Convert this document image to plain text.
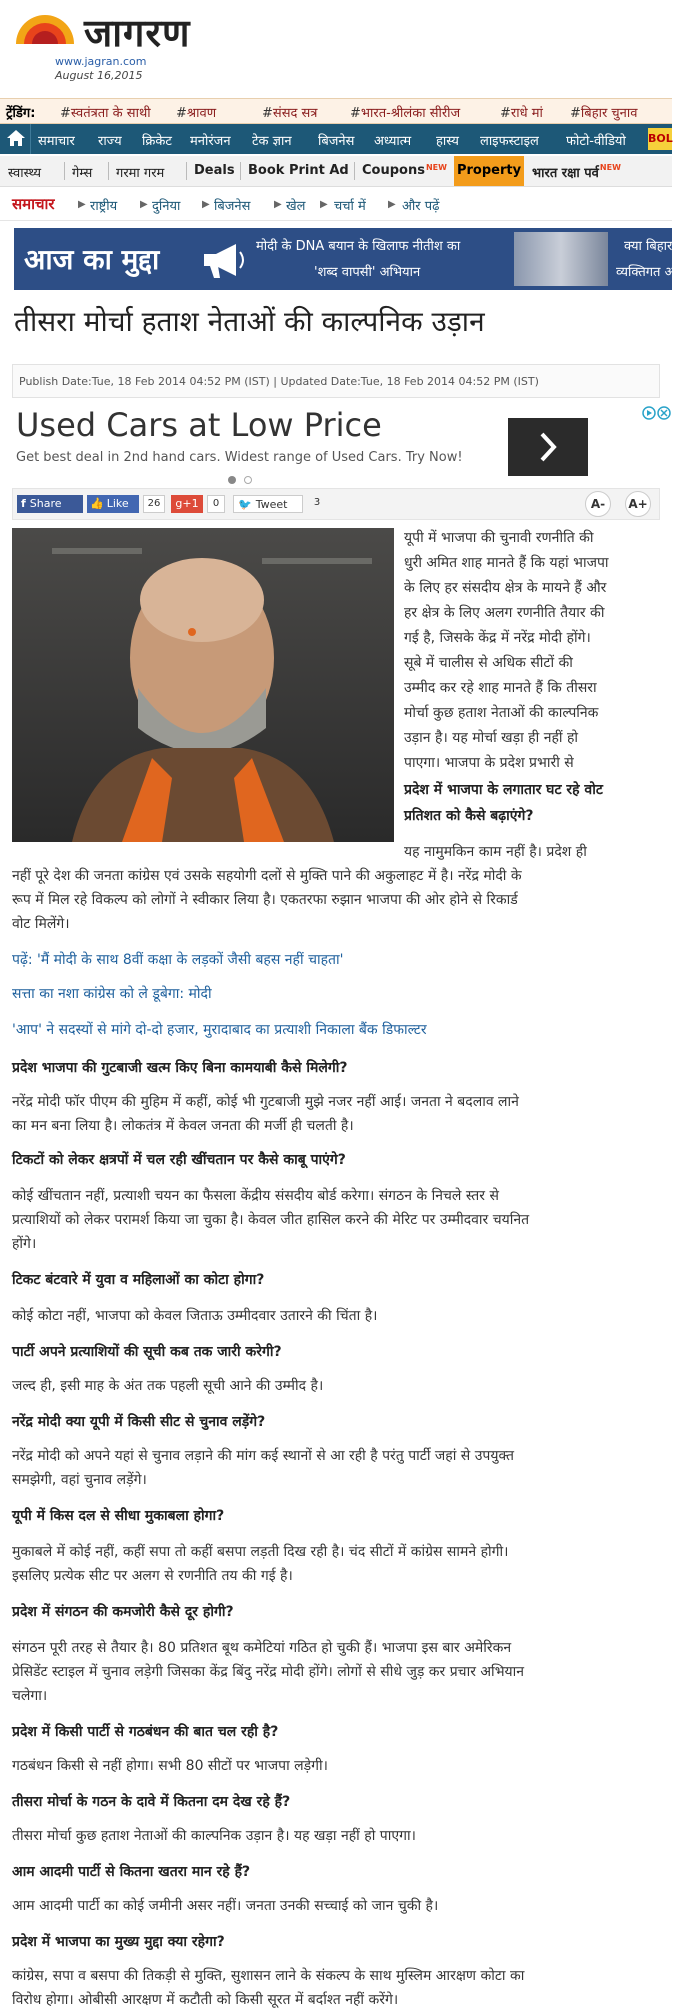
जागरण
www.jagran.com
August 16,2015
ट्रेंडिंग: #स्वतंत्रता के साथी #श्रावण	#संसद सत्र	#भारत-श्रीलंका सीरीज	#राधे मां #बिहार चुनाव
समाचार राज्य क्रिकेट मनोरंजन टेक ज्ञान बिजनेस अध्यात्म हास्य लाइफस्टाइल फोटो-वीडियो BOL
स्वास्थ्य गेम्स गरमा गरम Deals Book Print Ad Coupons$^{NEW}$ Property भारत रक्षा पर्व$^{NEW}$
समाचार ▶ राष्ट्रीय ▶ दुनिया ▶ बिजनेस ▶ खेल ▶ चर्चा में ▶ और पढ़ें
आज का मुद्दा	मोदी के DNA बयान के खिलाफ नीतीश का
'शब्द वापसी' अभियान
क्या बिहार
व्यक्तिगत आ
तीसरा मोर्चा हताश नेताओं की काल्पनिक उड़ान
Publish Date:Tue, 18 Feb 2014 04:52 PM (IST) | Updated Date:Tue, 18 Feb 2014 04:52 PM (IST)
Used Cars at Low Price
Get best deal in 2nd hand cars. Widest range of Used Cars. Try Now!
f Share	👍 Like	26	g+1	0	🐦 Tweet	3	A-	A+
यूपी में भाजपा की चुनावी रणनीति की
धुरी अमित शाह मानते हैं कि यहां भाजपा
के लिए हर संसदीय क्षेत्र के मायने हैं और
हर क्षेत्र के लिए अलग रणनीति तैयार की
गई है, जिसके केंद्र में नरेंद्र मोदी होंगे।
सूबे में चालीस से अधिक सीटों की
उम्मीद कर रहे शाह मानते हैं कि तीसरा
मोर्चा कुछ हताश नेताओं की काल्पनिक
उड़ान है। यह मोर्चा खड़ा ही नहीं हो
पाएगा। भाजपा के प्रदेश प्रभारी से
प्रदेश में भाजपा के लगातार घट रहे वोट
प्रतिशत को कैसे बढ़ाएंगे?
यह नामुमकिन काम नहीं है। प्रदेश ही
नहीं पूरे देश की जनता कांग्रेस एवं उसके सहयोगी दलों से मुक्ति पाने की अकुलाहट में है। नरेंद्र मोदी के
रूप में मिल रहे विकल्प को लोगों ने स्वीकार लिया है। एकतरफा रुझान भाजपा की ओर होने से रिकार्ड
वोट मिलेंगे।
पढ़ें: 'मैं मोदी के साथ 8वीं कक्षा के लड़कों जैसी बहस नहीं चाहता'
सत्ता का नशा कांग्रेस को ले डूबेगा: मोदी
'आप' ने सदस्यों से मांगे दो-दो हजार, मुरादाबाद का प्रत्याशी निकाला बैंक डिफाल्टर
प्रदेश भाजपा की गुटबाजी खत्म किए बिना कामयाबी कैसे मिलेगी?
नरेंद्र मोदी फॉर पीएम की मुहिम में कहीं, कोई भी गुटबाजी मुझे नजर नहीं आई। जनता ने बदलाव लाने
का मन बना लिया है। लोकतंत्र में केवल जनता की मर्जी ही चलती है।
टिकटों को लेकर क्षत्रपों में चल रही खींचतान पर कैसे काबू पाएंगे?
कोई खींचतान नहीं, प्रत्याशी चयन का फैसला केंद्रीय संसदीय बोर्ड करेगा। संगठन के निचले स्तर से
प्रत्याशियों को लेकर परामर्श किया जा चुका है। केवल जीत हासिल करने की मेरिट पर उम्मीदवार चयनित
होंगे।
टिकट बंटवारे में युवा व महिलाओं का कोटा होगा?
कोई कोटा नहीं, भाजपा को केवल जिताऊ उम्मीदवार उतारने की चिंता है।
पार्टी अपने प्रत्याशियों की सूची कब तक जारी करेगी?
जल्द ही, इसी माह के अंत तक पहली सूची आने की उम्मीद है।
नरेंद्र मोदी क्या यूपी में किसी सीट से चुनाव लड़ेंगे?
नरेंद्र मोदी को अपने यहां से चुनाव लड़ाने की मांग कई स्थानों से आ रही है परंतु पार्टी जहां से उपयुक्त
समझेगी, वहां चुनाव लड़ेंगे।
यूपी में किस दल से सीधा मुकाबला होगा?
मुकाबले में कोई नहीं, कहीं सपा तो कहीं बसपा लड़ती दिख रही है। चंद सीटों में कांग्रेस सामने होगी।
इसलिए प्रत्येक सीट पर अलग से रणनीति तय की गई है।
प्रदेश में संगठन की कमजोरी कैसे दूर होगी?
संगठन पूरी तरह से तैयार है। 80 प्रतिशत बूथ कमेटियां गठित हो चुकी हैं। भाजपा इस बार अमेरिकन
प्रेसिडेंट स्टाइल में चुनाव लड़ेगी जिसका केंद्र बिंदु नरेंद्र मोदी होंगे। लोगों से सीधे जुड़ कर प्रचार अभियान
चलेगा।
प्रदेश में किसी पार्टी से गठबंधन की बात चल रही है?
गठबंधन किसी से नहीं होगा। सभी 80 सीटों पर भाजपा लड़ेगी।
तीसरा मोर्चा के गठन के दावे में कितना दम देख रहे हैं?
तीसरा मोर्चा कुछ हताश नेताओं की काल्पनिक उड़ान है। यह खड़ा नहीं हो पाएगा।
आम आदमी पार्टी से कितना खतरा मान रहे हैं?
आम आदमी पार्टी का कोई जमीनी असर नहीं। जनता उनकी सच्चाई को जान चुकी है।
प्रदेश में भाजपा का मुख्य मुद्दा क्या रहेगा?
कांग्रेस, सपा व बसपा की तिकड़ी से मुक्ति, सुशासन लाने के संकल्प के साथ मुस्लिम आरक्षण कोटा का
विरोध होगा। ओबीसी आरक्षण में कटौती को किसी सूरत में बर्दाश्त नहीं करेंगे।
